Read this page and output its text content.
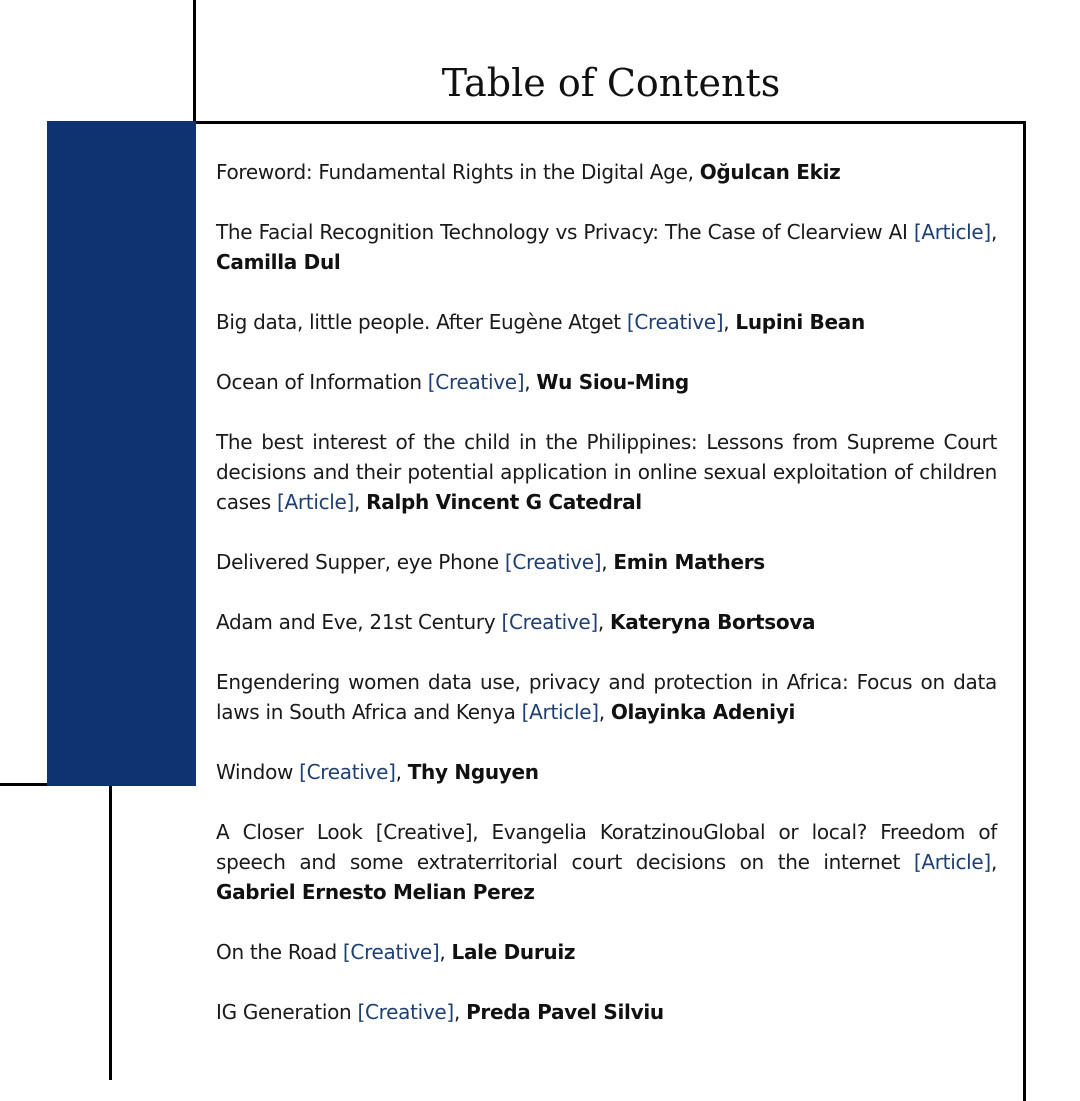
Table of Contents
Foreword: Fundamental Rights in the Digital Age, Oğulcan Ekiz
The Facial Recognition Technology vs Privacy: The Case of Clearview AI [Article], Camilla Dul
Big data, little people. After Eugène Atget [Creative], Lupini Bean
Ocean of Information [Creative], Wu Siou-Ming
The best interest of the child in the Philippines: Lessons from Supreme Court decisions and their potential application in online sexual exploitation of children cases [Article], Ralph Vincent G Catedral
Delivered Supper, eye Phone [Creative], Emin Mathers
Adam and Eve, 21st Century [Creative], Kateryna Bortsova
Engendering women data use, privacy and protection in Africa: Focus on data laws in South Africa and Kenya [Article], Olayinka Adeniyi
Window [Creative], Thy Nguyen
A Closer Look [Creative], Evangelia KoratzinouGlobal or local? Freedom of speech and some extraterritorial court decisions on the internet [Article], Gabriel Ernesto Melian Perez
On the Road [Creative], Lale Duruiz
IG Generation [Creative], Preda Pavel Silviu
